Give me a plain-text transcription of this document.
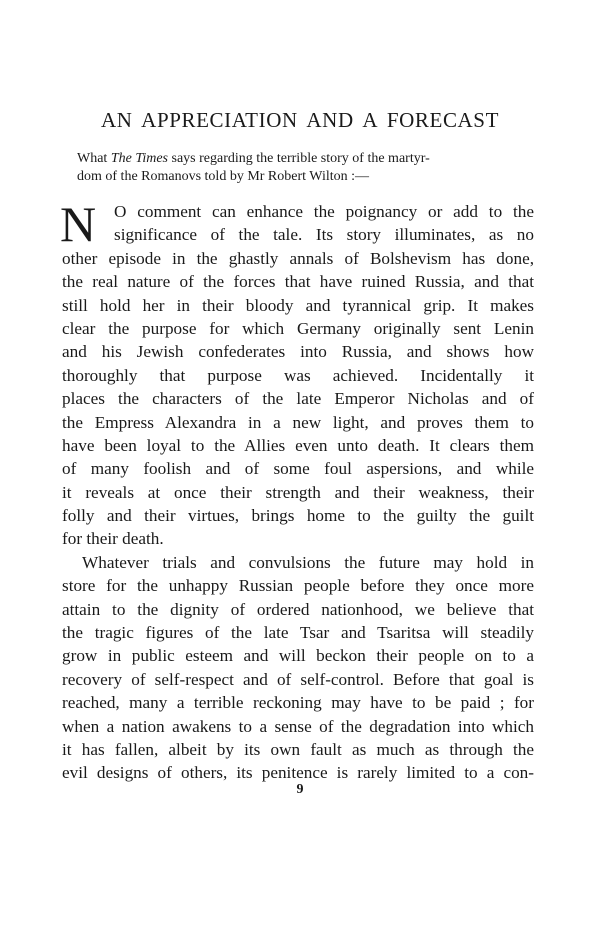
AN APPRECIATION AND A FORECAST

What The Times says regarding the terrible story of the martyr-
dom of the Romanovs told by Mr Robert Wilton :—

N	O comment can enhance the poignancy or add to the
significance of the tale. Its story illuminates, as no
other episode in the ghastly annals of Bolshevism has done,
the real nature of the forces that have ruined Russia, and that
still hold her in their bloody and tyrannical grip. It makes
clear the purpose for which Germany originally sent Lenin
and his Jewish confederates into Russia, and shows how
thoroughly that purpose was achieved. Incidentally it
places the characters of the late Emperor Nicholas and of
the Empress Alexandra in a new light, and proves them to
have been loyal to the Allies even unto death. It clears them
of many foolish and of some foul aspersions, and while
it reveals at once their strength and their weakness, their
folly and their virtues, brings home to the guilty the guilt
for their death.
Whatever trials and convulsions the future may hold in
store for the unhappy Russian people before they once more
attain to the dignity of ordered nationhood, we believe that
the tragic figures of the late Tsar and Tsaritsa will steadily
grow in public esteem and will beckon their people on to a
recovery of self-respect and of self-control. Before that goal is
reached, many a terrible reckoning may have to be paid ; for
when a nation awakens to a sense of the degradation into which
it has fallen, albeit by its own fault as much as through the
evil designs of others, its penitence is rarely limited to a con-

9
